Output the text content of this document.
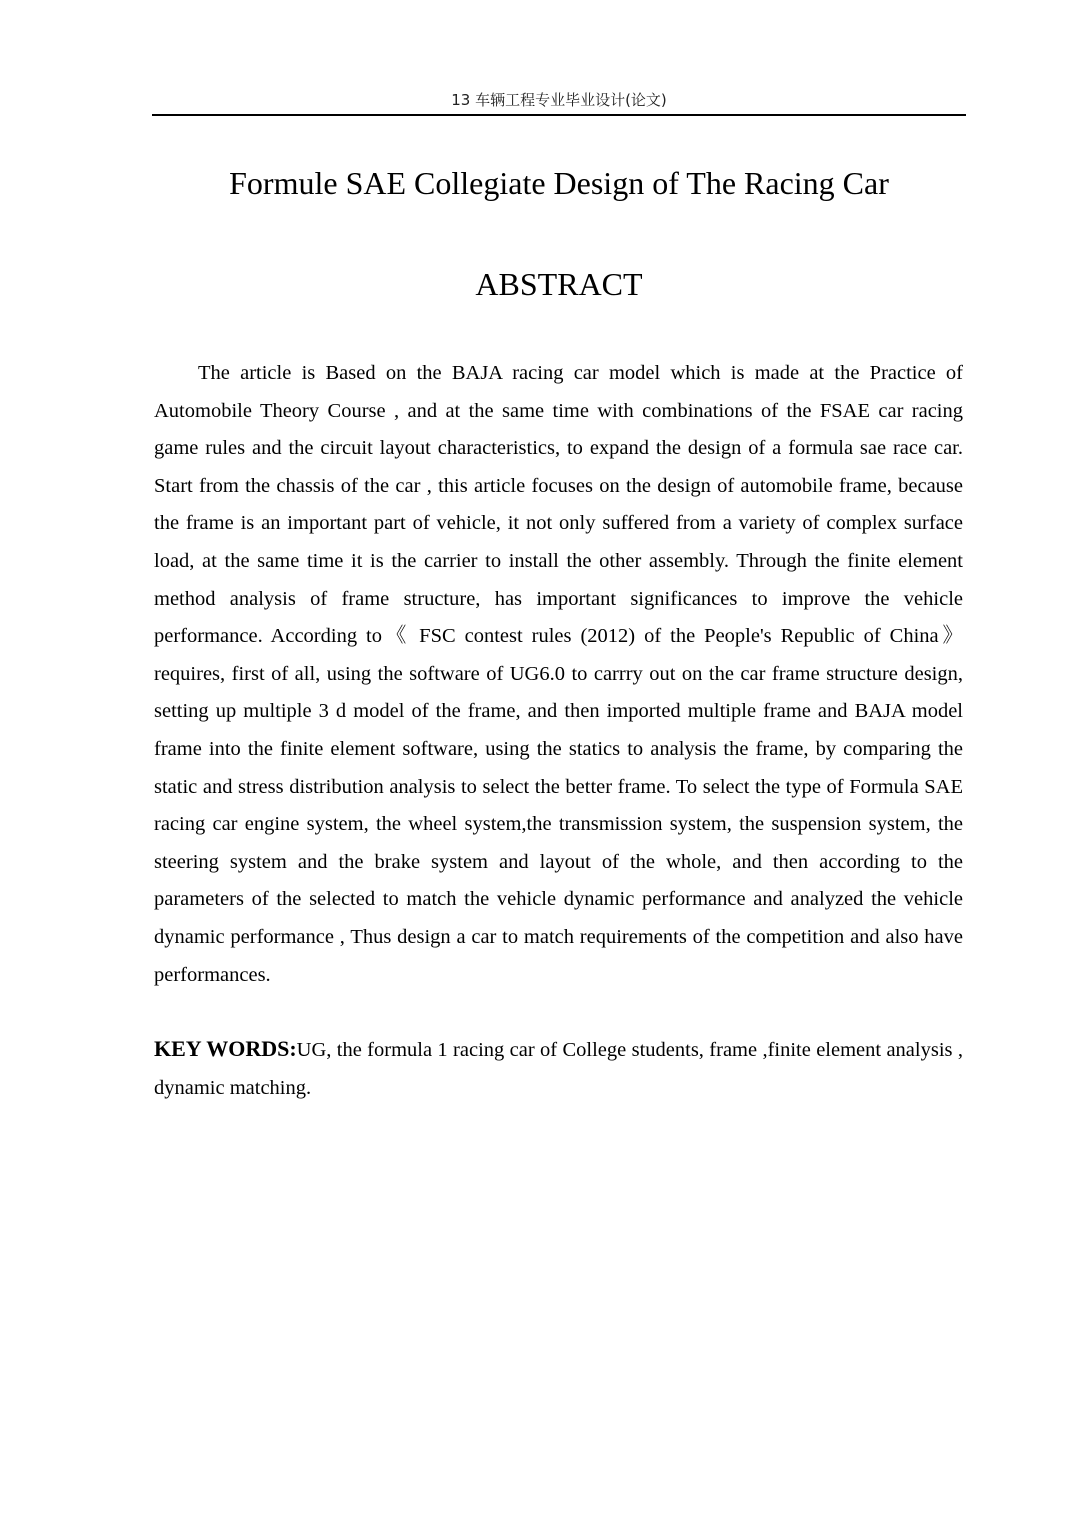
13 车辆工程专业毕业设计(论文)
Formule SAE Collegiate Design of The Racing Car
ABSTRACT

The article is Based on the BAJA racing car model which is made at the Practice of Automobile Theory Course , and at the same time with combinations of the FSAE car racing game rules and the circuit layout characteristics, to expand the design of a formula sae race car. Start from the chassis of the car , this article focuses on the design of automobile frame, because the frame is an important part of vehicle, it not only suffered from a variety of complex surface load, at the same time it is the carrier to install the other assembly. Through the finite element method analysis of frame structure, has important significances to improve the vehicle performance. According to《 FSC contest rules (2012) of the People's Republic of China》 requires, first of all, using the software of UG6.0 to carrry out on the car frame structure design, setting up multiple 3 d model of the frame, and then imported multiple frame and BAJA model frame into the finite element software, using the statics to analysis the frame, by comparing the static and stress distribution analysis to select the better frame. To select the type of Formula SAE racing car engine system, the wheel system,the transmission system, the suspension system, the steering system and the brake system and layout of the whole, and then according to the parameters of the selected to match the vehicle dynamic performance and analyzed the vehicle dynamic performance , Thus design a car to match requirements of the competition and also have performances.

KEY WORDS:UG, the formula 1 racing car of College students, frame ,finite element analysis , dynamic matching.
